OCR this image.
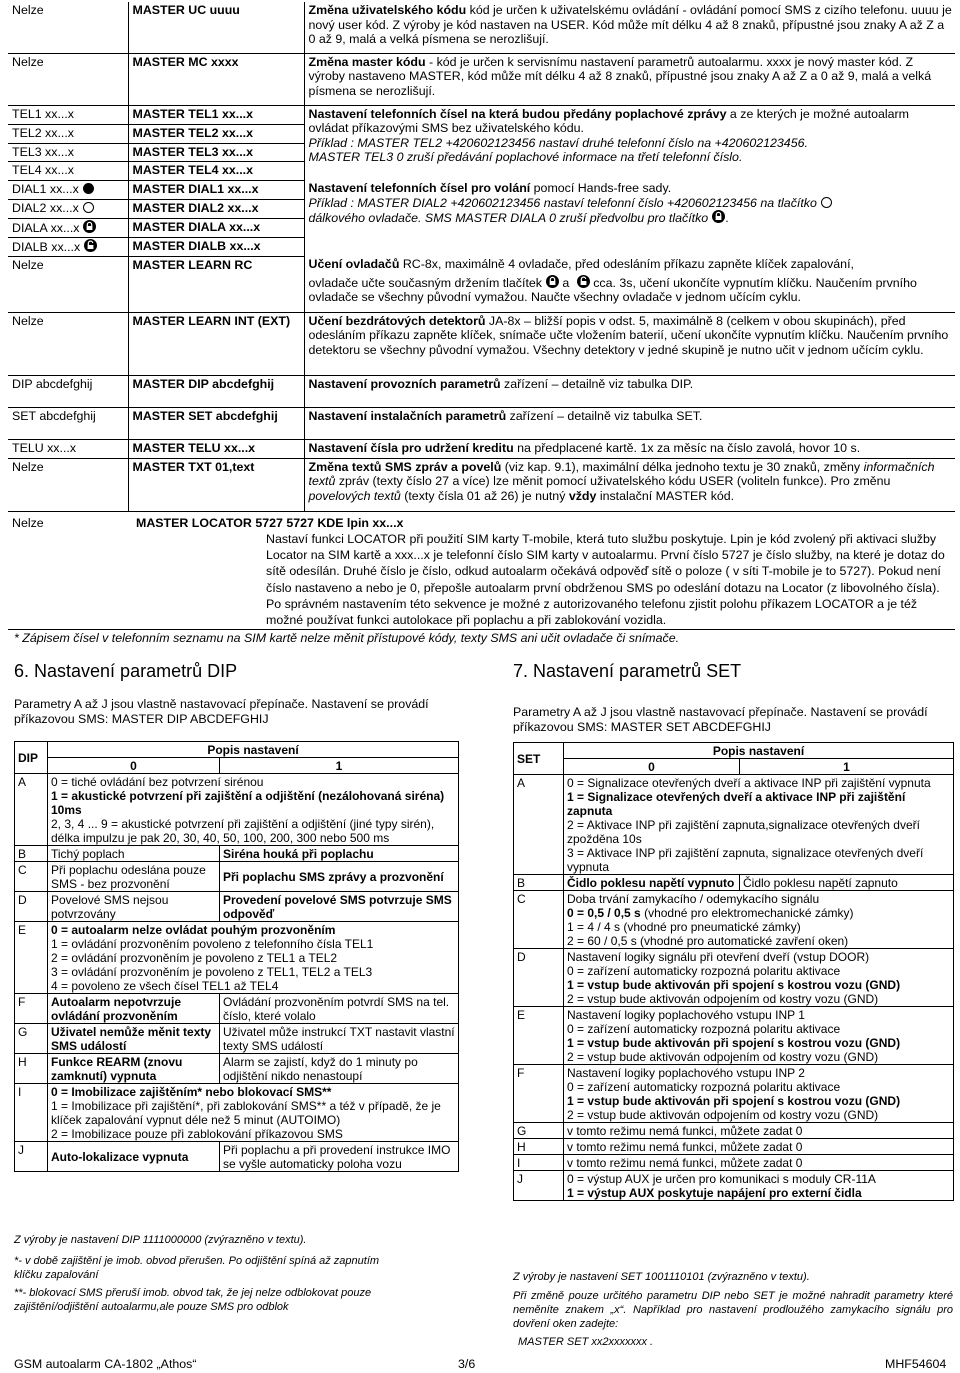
Nelze	MASTER UC uuuu	Změna uživatelského kódu kód je určen k uživatelskému ovládání - ovládání pomocí SMS z cizího telefonu. uuuu je nový user kód. Z výroby je kód nastaven na USER. Kód může mít délku 4 až 8 znaků, přípustné jsou znaky A až Z a 0 až 9, malá a velká písmena se nerozlišují.
Nelze	MASTER MC xxxx	Změna master kódu - kód je určen k servisnímu nastavení parametrů autoalarmu. xxxx je nový master kód. Z výroby nastaveno MASTER, kód může mít délku 4 až 8 znaků, přípustné jsou znaky A až Z a 0 až 9, malá a velká písmena se nerozlišují.
TEL1 xx...x	MASTER TEL1 xx...x	Nastavení telefonních čísel na která budou předány poplachové zprávy a ze kterých je možné autoalarm ovládat příkazovými SMS bez uživatelského kódu.
Příklad : MASTER TEL2 +420602123456 nastaví druhé telefonní číslo na +420602123456.
MASTER TEL3 0 zruší předávání poplachové informace na třetí telefonní číslo.
TEL2 xx...x	MASTER TEL2 xx...x	
TEL3 xx...x	MASTER TEL3 xx...x	
TEL4 xx...x	MASTER TEL4 xx...x	
DIAL1 xx...x	MASTER DIAL1 xx...x	Nastavení telefonních čísel pro volání pomocí Hands-free sady.
Příklad : MASTER DIAL2 +420602123456 nastaví telefonní číslo +420602123456 na tlačítko
dálkového ovladače. SMS MASTER DIALA 0 zruší předvolbu pro tlačítko .
DIAL2 xx...x	MASTER DIAL2 xx...x	
DIALA xx...x	MASTER DIALA xx...x	
DIALB xx...x	MASTER DIALB xx...x	
Nelze	MASTER LEARN RC	Učení ovladačů RC-8x, maximálně 4 ovladače, před odesláním příkazu zapněte klíček zapalování,
ovladače učte současným držením tlačítek a  cca. 3s, učení ukončíte vypnutím klíčku. Naučením prvního ovladače se všechny původní vymažou. Naučte všechny ovladače v jednom učícím cyklu.
Nelze	MASTER LEARN INT (EXT)	Učení bezdrátových detektorů JA-8x – bližší popis v odst. 5, maximálně 8 (celkem v obou skupinách), před odesláním příkazu zapněte klíček, snímače učte vložením baterií, učení ukončíte vypnutím klíčku. Naučením prvního detektoru se všechny původní vymažou. Všechny detektory v jedné skupině je nutno učit v jednom učícím cyklu.
DIP abcdefghij	MASTER DIP abcdefghij	Nastavení provozních parametrů zařízení – detailně viz tabulka DIP.
SET abcdefghij	MASTER SET abcdefghij	Nastavení instalačních parametrů zařízení – detailně viz tabulka SET.
TELU xx...x	MASTER TELU xx...x	Nastavení čísla pro udržení kreditu na předplacené kartě. 1x za měsíc na číslo zavolá, hovor 10 s.
Nelze	MASTER TXT 01,text	Změna textů SMS zpráv a povelů (viz kap. 9.1), maximální délka jednoho textu je 30 znaků, změny informačních textů zpráv (texty číslo 27 a více) lze měnit pomocí uživatelského kódu USER (voliteln funkce). Pro změnu povelových textů (texty čísla 01 až 26) je nutný vždy instalační MASTER kód.
Nelze	MASTER LOCATOR 5727 5727 KDE lpin xx...x
Nastaví funkci LOCATOR při použití SIM karty T-mobile, která tuto službu poskytuje. Lpin je kód zvolený při aktivaci služby Locator na SIM kartě a xxx...x je telefonní číslo SIM karty v autoalarmu. První číslo 5727 je číslo služby, na které je dotaz do sítě odesílán. Druhé číslo je číslo, odkud autoalarm očekává odpověď sítě o poloze ( v síti T-mobile je to 5727). Pokud není číslo nastaveno a nebo je 0, přepošle autoalarm první obdrženou SMS po odeslání dotazu na Locator (z libovolného čísla). Po správném nastavením této sekvence je možné z autorizovaného telefonu zjistit polohu příkazem LOCATOR a je též možné používat funkci autolokace při poplachu a při zablokování vozidla.
* Zápisem čísel v telefonním seznamu na SIM kartě nelze měnit přístupové kódy, texty SMS ani učit ovladače či snímače.
6. Nastavení parametrů DIP
Parametry A až J jsou vlastně nastavovací přepínače. Nastavení se provádí příkazovou SMS: MASTER DIP ABCDEFGHIJ
DIP	Popis nastavení	
	0	1
A	0 = tiché ovládání bez potvrzení sirénou
1 = akustické potvrzení při zajištění a odjištění (nezálohovaná siréna) 10ms
2, 3, 4 ... 9 = akustické potvrzení při zajištění a odjištění (jiné typy sirén), délka impulzu je pak 20, 30, 40, 50, 100, 200, 300 nebo 500 ms	

B	Tichý poplach	Siréna houká při poplachu
C	Při poplachu odeslána pouze SMS - bez prozvonění	Při poplachu SMS zprávy a prozvonění
D	Povelové SMS nejsou potvrzovány	Provedení povelové SMS potvrzuje SMS odpověď
E	0 = autoalarm nelze ovládat pouhým prozvoněním
1 = ovládání prozvoněním povoleno z telefonního čísla TEL1
2 = ovládání prozvoněním je povoleno z TEL1 a TEL2
3 = ovládání prozvoněním je povoleno z TEL1, TEL2 a TEL3
4 = povoleno ze všech čísel TEL1 až TEL4	

F	Autoalarm nepotvrzuje ovládání prozvoněním	Ovládání prozvoněním potvrdí SMS na tel. číslo, které volalo
G	Uživatel nemůže měnit texty SMS událostí	Uživatel může instrukcí TXT nastavit vlastní texty SMS událostí
H	Funkce REARM (znovu zamknutí) vypnuta	Alarm se zajistí, když do 1 minuty po odjištění nikdo nenastoupí
I	0 = Imobilizace zajištěním* nebo blokovací SMS**
1 = Imobilizace při zajištění*, při zablokování SMS** a též v případě, že je klíček zapalování vypnut déle než 5 minut (AUTOIMO)
2 = Imobilizace pouze při zablokování příkazovou SMS	

J	Auto-lokalizace vypnuta	Při poplachu a při provedení instrukce IMO se vyšle automaticky poloha vozu
Z výroby je nastavení DIP 1111000000 (zvýrazněno v textu).
*- v době zajištění je imob. obvod přerušen. Po odjištění spíná až zapnutím klíčku zapalování
**- blokovací SMS přeruší imob. obvod tak, že jej nelze odblokovat pouze zajištění/odjištění autoalarmu,ale pouze SMS pro odblok
7. Nastavení parametrů SET
Parametry A až J jsou vlastně nastavovací přepínače. Nastavení se provádí příkazovou SMS: MASTER SET ABCDEFGHIJ
SET	Popis nastavení	
	0	1
A	0 = Signalizace otevřených dveří a aktivace INP při zajištění vypnuta
1 = Signalizace otevřených dveří a aktivace INP při zajištění zapnuta
2 = Aktivace INP při zajištění zapnuta,signalizace otevřených dveří zpožděna 10s
3 = Aktivace INP při zajištění zapnuta, signalizace otevřených dveří vypnuta	

B	Čidlo poklesu napětí vypnuto	Čidlo poklesu napětí zapnuto
C	Doba trvání zamykacího / odemykacího signálu
0 = 0,5 / 0,5 s (vhodné pro elektromechanické zámky)
1 = 4 / 4 s (vhodné pro pneumatické zámky)
2 = 60 / 0,5 s (vhodné pro automatické zavření oken)	

D	Nastavení logiky signálu při otevření dveří (vstup DOOR)
0 = zařízení automaticky rozpozná polaritu aktivace
1 = vstup bude aktivován při spojení s kostrou vozu (GND)
2 = vstup bude aktivován odpojením od kostry vozu (GND)	

E	Nastavení logiky poplachového vstupu INP 1
0 = zařízení automaticky rozpozná polaritu aktivace
1 = vstup bude aktivován při spojení s kostrou vozu (GND)
2 = vstup bude aktivován odpojením od kostry vozu (GND)	

F	Nastavení logiky poplachového vstupu INP 2
0 = zařízení automaticky rozpozná polaritu aktivace
1 = vstup bude aktivován při spojení s kostrou vozu (GND)
2 = vstup bude aktivován odpojením od kostry vozu (GND)	

G	v tomto režimu nemá funkci, můžete zadat 0	
H	v tomto režimu nemá funkci, můžete zadat 0	
I	v tomto režimu nemá funkci, můžete zadat 0	
J	0 = výstup AUX je určen pro komunikaci s moduly CR-11A
1 = výstup AUX poskytuje napájení pro externí čidla	
Z výroby je nastavení SET 1001110101 (zvýrazněno v textu).
Při změně pouze určitého parametru DIP nebo SET je možné nahradit parametry které neměníte znakem „x“. Například pro nastavení prodloužého zamykacího signálu pro dovření oken zadejte:
MASTER SET xx2xxxxxxx .
GSM autoalarm CA-1802 „Athos“	3/6	MHF54604
